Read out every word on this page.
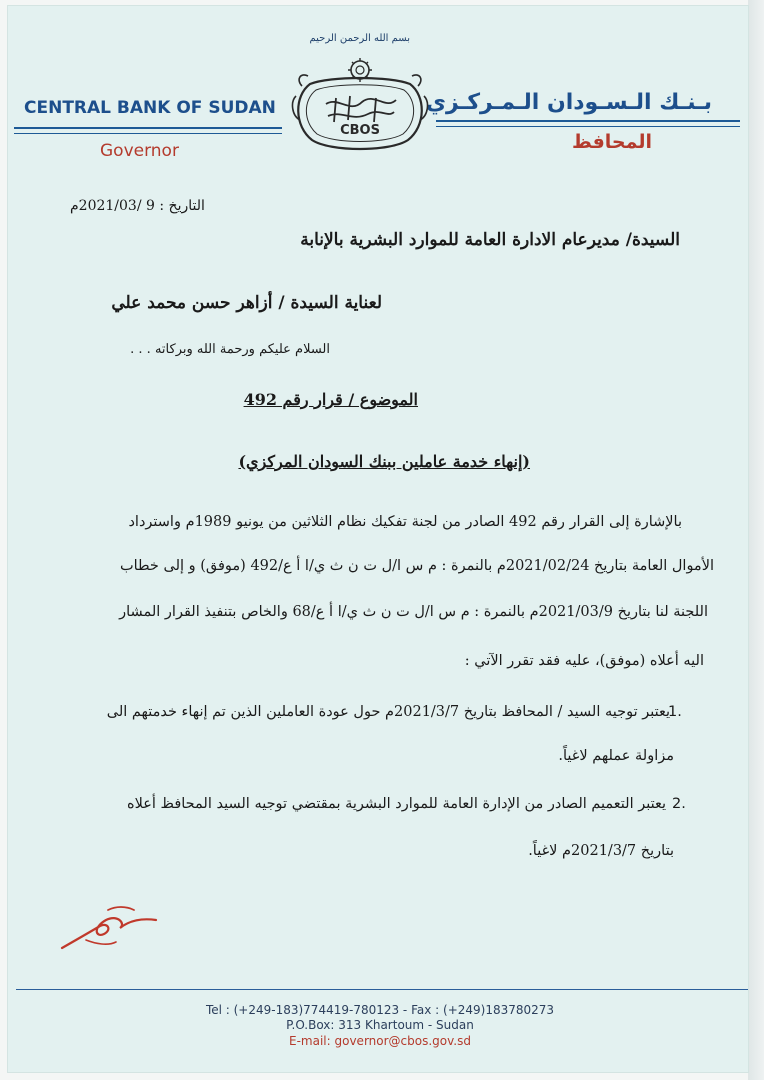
CENTRAL BANK OF SUDAN
Governor
بـنـك الـسـودان الـمـركـزي
المحافظ
بسم الله الرحمن الرحيم
CBOS
التاريخ : 9 /2021/03م
السيدة/ مديرعام الادارة العامة للموارد البشرية بالإنابة
لعناية السيدة / أزاهر حسن محمد علي
السلام عليكم ورحمة الله وبركاته . . .
الموضوع / قرار رقم 492
(إنهاء خدمة عاملين ببنك السودان المركزي)
بالإشارة إلى القرار رقم 492 الصادر من لجنة تفكيك نظام الثلاثين من يونيو 1989م واسترداد
الأموال العامة بتاريخ 2021/02/24م بالنمرة : م س ا/ل ت ن ث ي/ا أ ع/492 (موفق) و إلى خطاب
اللجنة لنا بتاريخ 2021/03/9م بالنمرة : م س ا/ل ت ن ث ي/ا أ ع/68 والخاص بتنفيذ القرار المشار
اليه أعلاه (موفق)، عليه فقد تقرر الآتي :
1.
يعتبر توجيه السيد / المحافظ بتاريخ 2021/3/7م حول عودة العاملين الذين تم إنهاء خدمتهم الى
مزاولة عملهم لاغياً.
2.
يعتبر التعميم الصادر من الإدارة العامة للموارد البشرية بمقتضي توجيه السيد المحافظ أعلاه
بتاريخ 2021/3/7م لاغياً.
Tel : (+249-183)774419-780123 - Fax : (+249)183780273
P.O.Box: 313 Khartoum - Sudan
E-mail: governor@cbos.gov.sd
